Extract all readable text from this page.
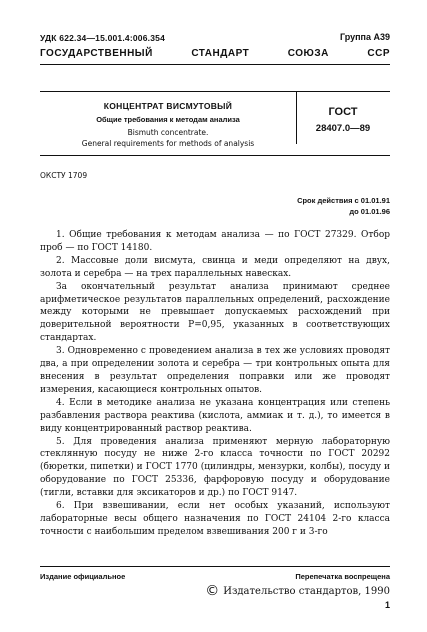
УДК 622.34—15.001.4:006.354	Группа А39
ГОСУДАРСТВЕННЫЙ СТАНДАРТ СОЮЗА ССР
КОНЦЕНТРАТ ВИСМУТОВЫЙ
Общие требования к методам анализа
Bismuth concentrate.
General requirements for methods of analysis
ГОСТ
28407.0—89
ОКСТУ 1709
Срок действия с 01.01.91
до 01.01.96

1. Общие требования к методам анализа — по ГОСТ 27329. Отбор проб — по ГОСТ 14180.

2. Массовые доли висмута, свинца и меди определяют на двух, золота и серебра — на трех параллельных навесках.

За окончательный результат анализа принимают среднее арифметическое результатов параллельных определений, расхождение между которыми не превышает допускаемых расхождений при доверительной вероятности P=0,95, указанных в соответствующих стандартах.

3. Одновременно с проведением анализа в тех же условиях проводят два, а при определении золота и серебра — три контрольных опыта для внесения в результат определения поправки или же проводят измерения, касающиеся контрольных опытов.

4. Если в методике анализа не указана концентрация или степень разбавления раствора реактива (кислота, аммиак и т. д.), то имеется в виду концентрированный раствор реактива.

5. Для проведения анализа применяют мерную лабораторную стеклянную посуду не ниже 2-го класса точности по ГОСТ 20292 (бюретки, пипетки) и ГОСТ 1770 (цилиндры, мензурки, колбы), посуду и оборудование по ГОСТ 25336, фарфоровую посуду и оборудование (тигли, вставки для эксикаторов и др.) по ГОСТ 9147.

6. При взвешивании, если нет особых указаний, используют лабораторные весы общего назначения по ГОСТ 24104 2-го класса точности с наибольшим пределом взвешивания 200 г и 3-го

Издание официальное	Перепечатка воспрещена
© Издательство стандартов, 1990
1
